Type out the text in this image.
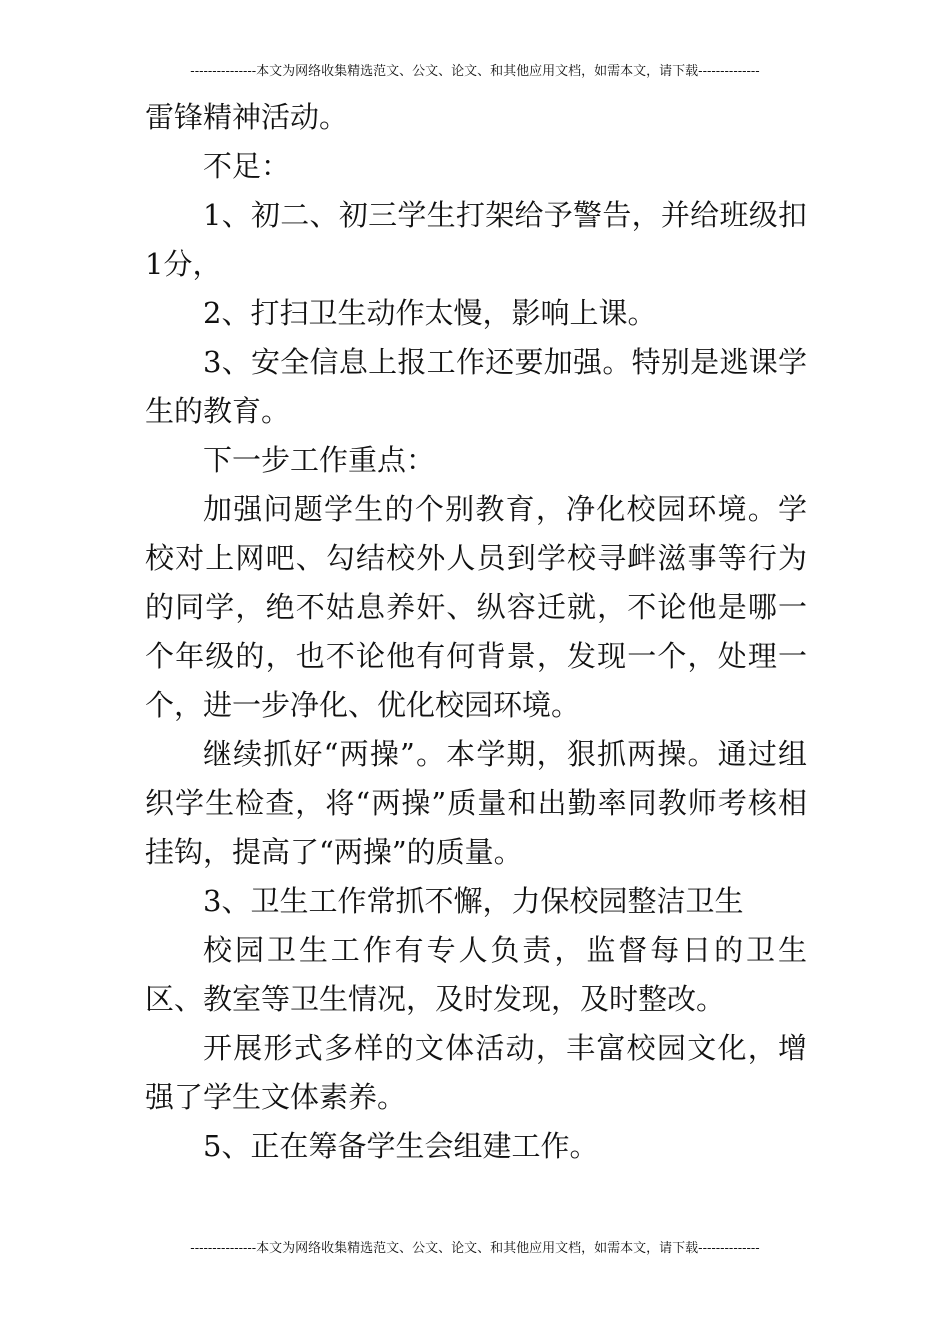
---------------本文为网络收集精选范文、公文、论文、和其他应用文档，如需本文，请下载--------------

雷锋精神活动。

不足：

1、初二、初三学生打架给予警告，并给班级扣1分，

2、打扫卫生动作太慢，影响上课。

3、安全信息上报工作还要加强。特别是逃课学生的教育。

下一步工作重点：

加强问题学生的个别教育，净化校园环境。学校对上网吧、勾结校外人员到学校寻衅滋事等行为的同学，绝不姑息养奸、纵容迁就，不论他是哪一个年级的，也不论他有何背景，发现一个，处理一个，进一步净化、优化校园环境。

继续抓好“两操”。本学期，狠抓两操。通过组织学生检查，将“两操”质量和出勤率同教师考核相挂钩，提高了“两操”的质量。

3、卫生工作常抓不懈，力保校园整洁卫生

校园卫生工作有专人负责，监督每日的卫生区、教室等卫生情况，及时发现，及时整改。

开展形式多样的文体活动，丰富校园文化，增强了学生文体素养。

5、正在筹备学生会组建工作。

---------------本文为网络收集精选范文、公文、论文、和其他应用文档，如需本文，请下载--------------
